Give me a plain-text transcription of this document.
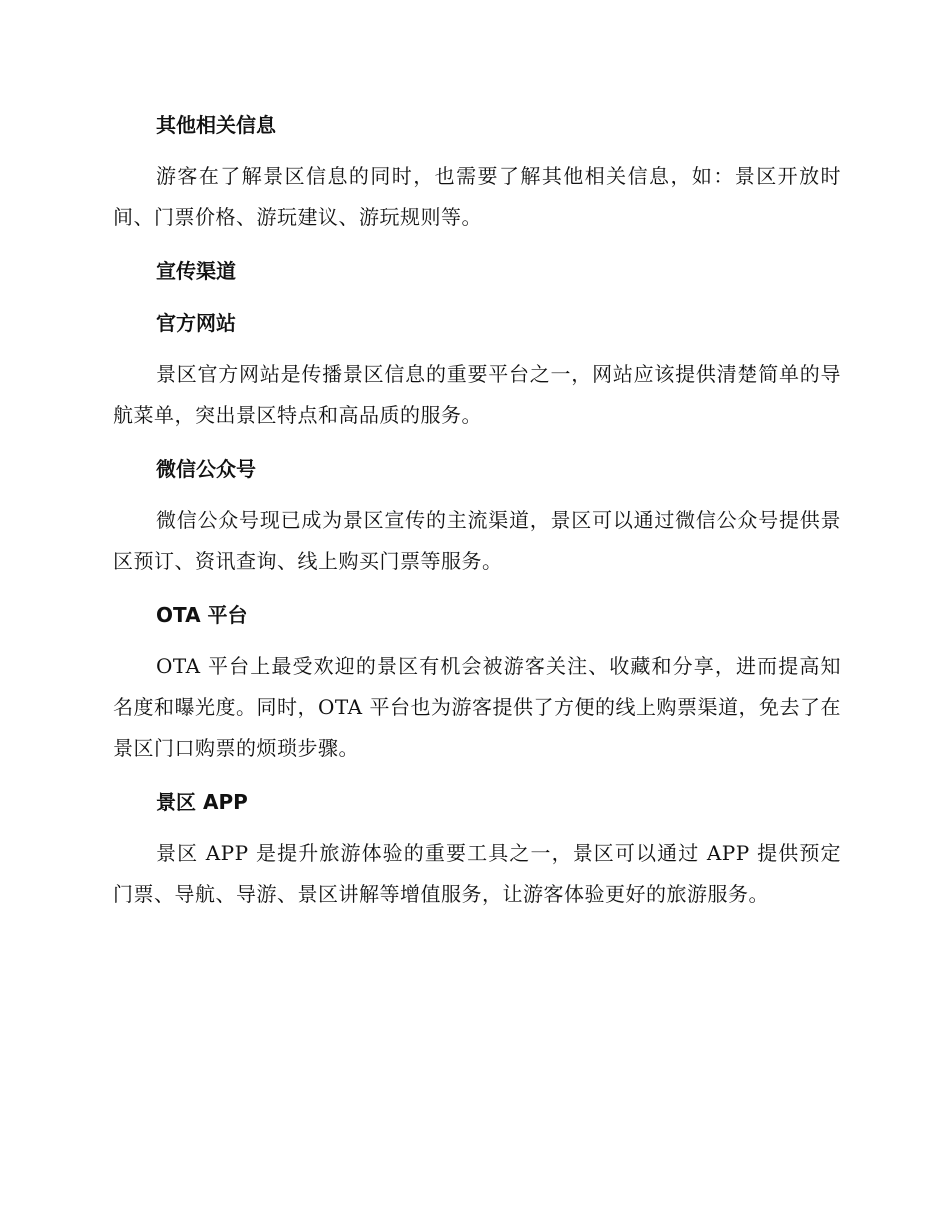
其他相关信息

游客在了解景区信息的同时，也需要了解其他相关信息，如：景区开放时间、门票价格、游玩建议、游玩规则等。

宣传渠道
官方网站

景区官方网站是传播景区信息的重要平台之一，网站应该提供清楚简单的导航菜单，突出景区特点和高品质的服务。

微信公众号

微信公众号现已成为景区宣传的主流渠道，景区可以通过微信公众号提供景区预订、资讯查询、线上购买门票等服务。

OTA 平台

OTA 平台上最受欢迎的景区有机会被游客关注、收藏和分享，进而提高知名度和曝光度。同时，OTA 平台也为游客提供了方便的线上购票渠道，免去了在景区门口购票的烦琐步骤。

景区 APP

景区 APP 是提升旅游体验的重要工具之一，景区可以通过 APP 提供预定门票、导航、导游、景区讲解等增值服务，让游客体验更好的旅游服务。
